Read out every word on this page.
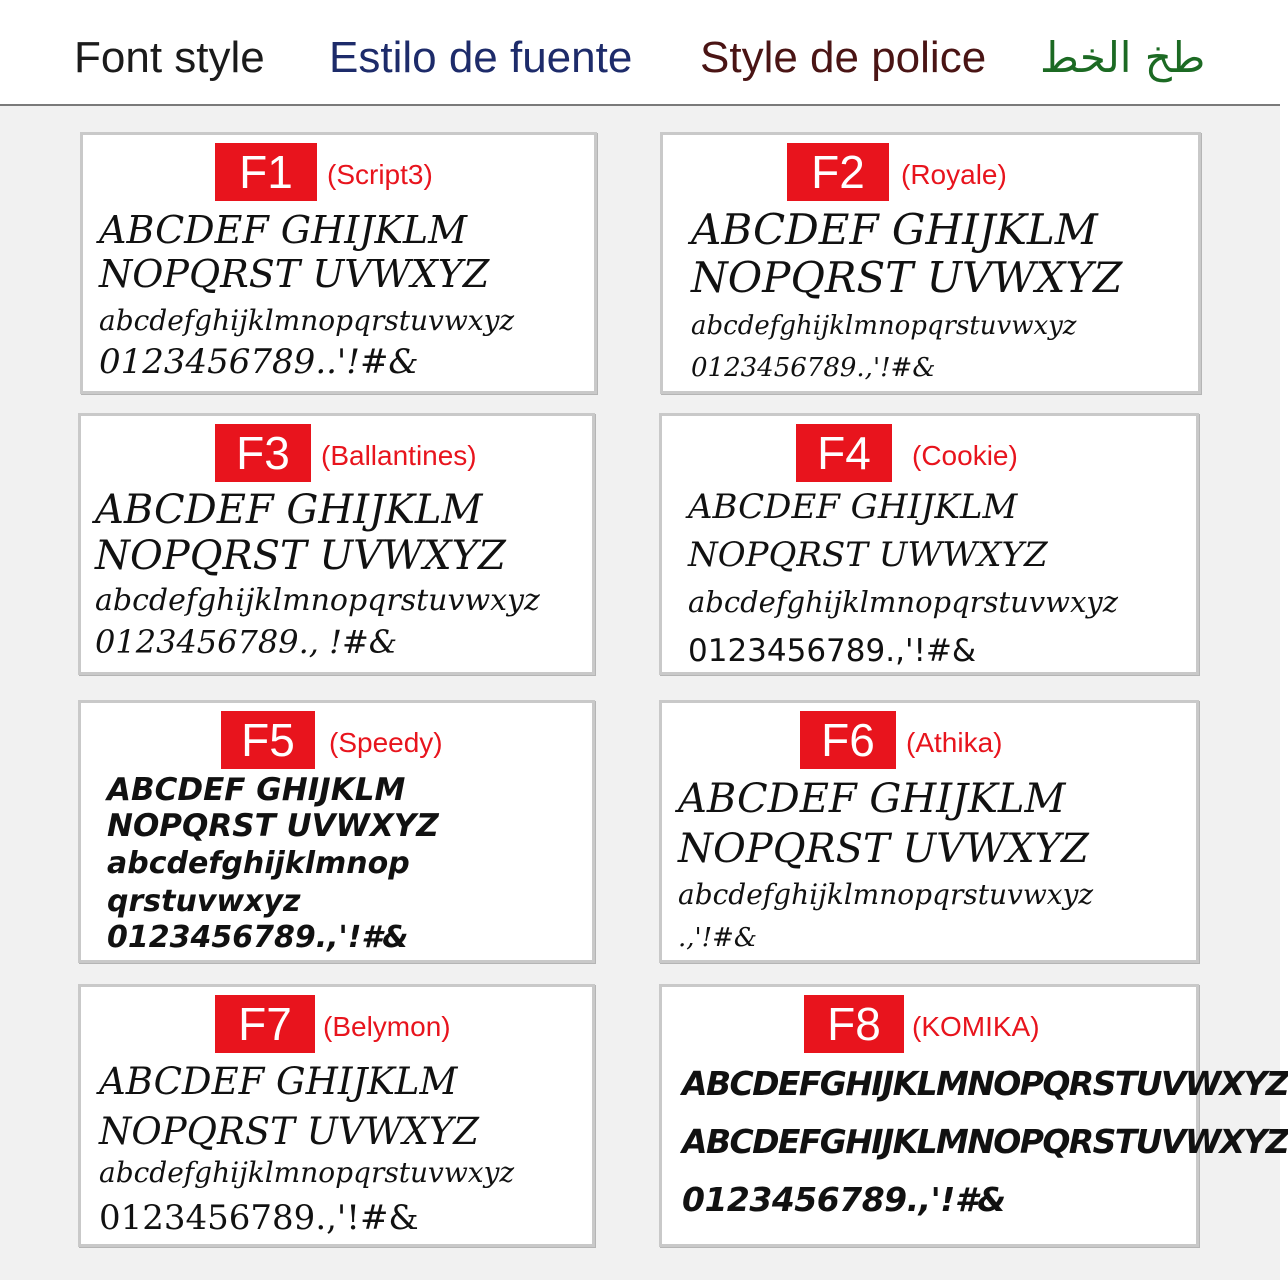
Font style Estilo de fuente Style de police طخ الخط
F1	(Script3)
ABCDEF GHIJKLM
NOPQRST UVWXYZ
abcdefghijklmnopqrstuvwxyz
0123456789..'!#&
F2	(Royale)
ABCDEF GHIJKLM
NOPQRST UVWXYZ
abcdefghijklmnopqrstuvwxyz
0123456789.,'!#&
F3	(Ballantines)
ABCDEF GHIJKLM
NOPQRST UVWXYZ
abcdefghijklmnopqrstuvwxyz
0123456789., !#&
F4	(Cookie)
ABCDEF GHIJKLM
NOPQRST UWWXYZ
abcdefghijklmnopqrstuvwxyz
0123456789.,'!#&
F5	(Speedy)
ABCDEF GHIJKLM
NOPQRST UVWXYZ
abcdefghijklmnop
qrstuvwxyz
0123456789.,'!#&
F6	(Athika)
ABCDEF GHIJKLM
NOPQRST UVWXYZ
abcdefghijklmnopqrstuvwxyz
.,'!#&
F7	(Belymon)
ABCDEF GHIJKLM
NOPQRST UVWXYZ
abcdefghijklmnopqrstuvwxyz
0123456789.,'!#&
F8	(KOMIKA)
ABCDEFGHIJKLMNOPQRSTUVWXYZ
ABCDEFGHIJKLMNOPQRSTUVWXYZ
0123456789.,'!#&
